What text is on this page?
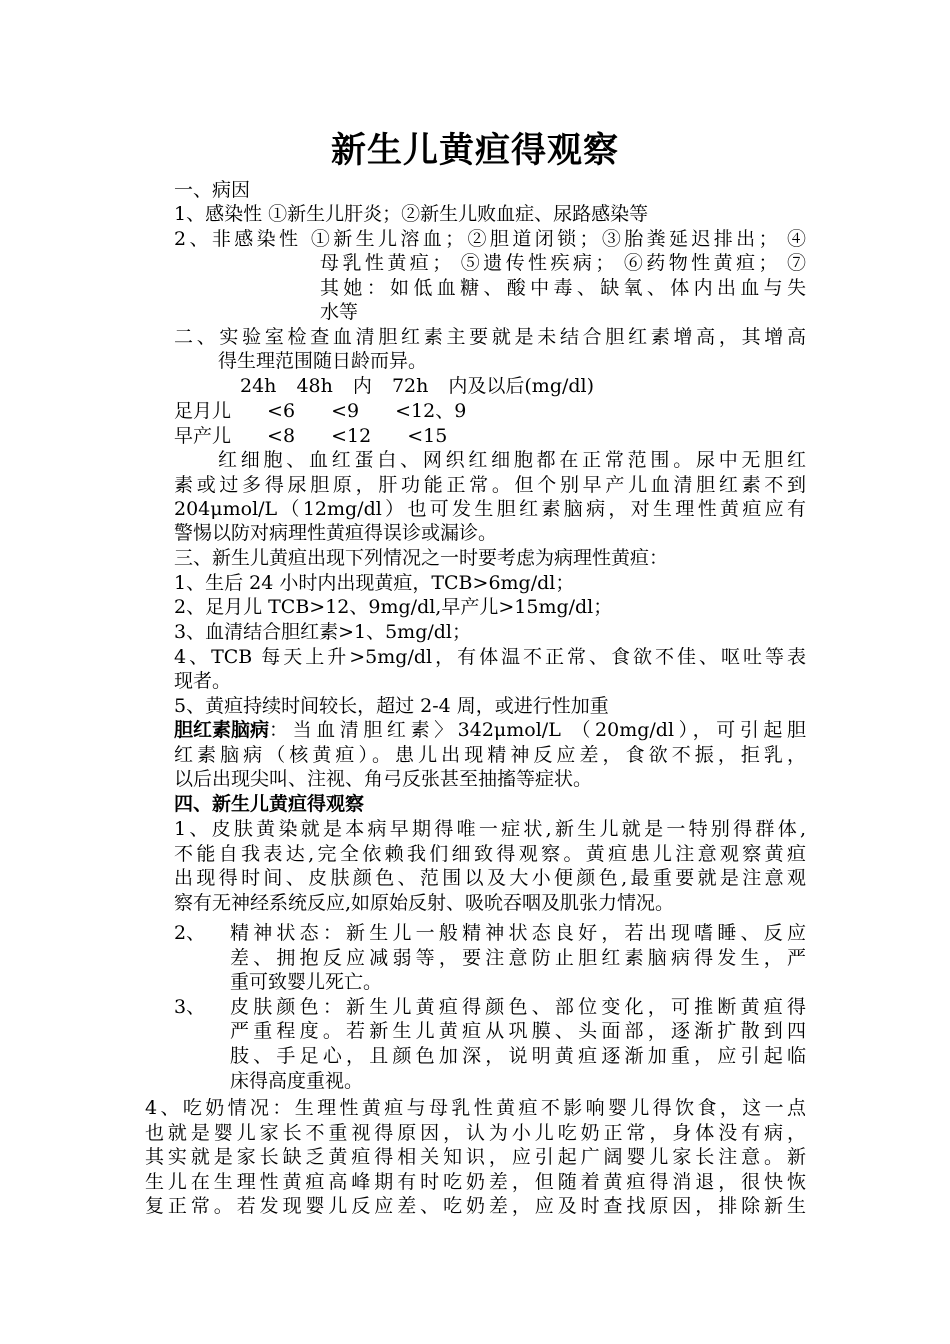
新生儿黄疸得观察
一、病因
1、感染性 ①新生儿肝炎；②新生儿败血症、尿路感染等
2、非感染性 ①新生儿溶血；②胆道闭锁；③胎粪延迟排出； ④
母乳性黄疸； ⑤遗传性疾病； ⑥药物性黄疸； ⑦
其她：如低血糖、酸中毒、缺氧、体内出血与失
水等
二、实验室检查血清胆红素主要就是未结合胆红素增高，其增高
得生理范围随日龄而异。
24h 48h 内 72h 内及以后(mg/dl)
足月儿 <6 <9 <12、9
早产儿 <8 <12 <15
红细胞、血红蛋白、网织红细胞都在正常范围。尿中无胆红
素或过多得尿胆原，肝功能正常。但个别早产儿血清胆红素不到
204μmol/L（12mg/dl）也可发生胆红素脑病，对生理性黄疸应有
警惕以防对病理性黄疸得误诊或漏诊。
三、新生儿黄疸出现下列情况之一时要考虑为病理性黄疸：
1、生后 24 小时内出现黄疸，TCB>6mg/dl；
2、足月儿 TCB>12、9mg/dl,早产儿>15mg/dl；
3、血清结合胆红素>1、5mg/dl；
4、TCB 每天上升>5mg/dl，有体温不正常、食欲不佳、呕吐等表
现者。
5、黄疸持续时间较长，超过 2-4 周，或进行性加重
胆红素脑病 ：当血清胆红素〉342μmol/L （20mg/dl），可引起胆
红素脑病（核黄疸）。患儿出现精神反应差，食欲不振，拒乳，
以后出现尖叫、注视、角弓反张甚至抽搐等症状。
四、新生儿黄疸得观察
1、皮肤黄染就是本病早期得唯一症状,新生儿就是一特别得群体,
不能自我表达,完全依赖我们细致得观察。黄疸患儿注意观察黄疸
出现得时间、皮肤颜色、范围以及大小便颜色,最重要就是注意观
察有无神经系统反应,如原始反射、吸吮吞咽及肌张力情况。
2、 精神状态：新生儿一般精神状态良好，若出现嗜睡、反应
差、拥抱反应减弱等，要注意防止胆红素脑病得发生，严
重可致婴儿死亡。
3、 皮肤颜色：新生儿黄疸得颜色、部位变化，可推断黄疸得
严重程度。若新生儿黄疸从巩膜、头面部，逐渐扩散到四
肢、手足心，且颜色加深，说明黄疸逐渐加重，应引起临
床得高度重视。
4、吃奶情况：生理性黄疸与母乳性黄疸不影响婴儿得饮食，这一点
也就是婴儿家长不重视得原因，认为小儿吃奶正常，身体没有病，
其实就是家长缺乏黄疸得相关知识，应引起广阔婴儿家长注意。新
生儿在生理性黄疸高峰期有时吃奶差，但随着黄疸得消退，很快恢
复正常。若发现婴儿反应差、吃奶差，应及时查找原因，排除新生
